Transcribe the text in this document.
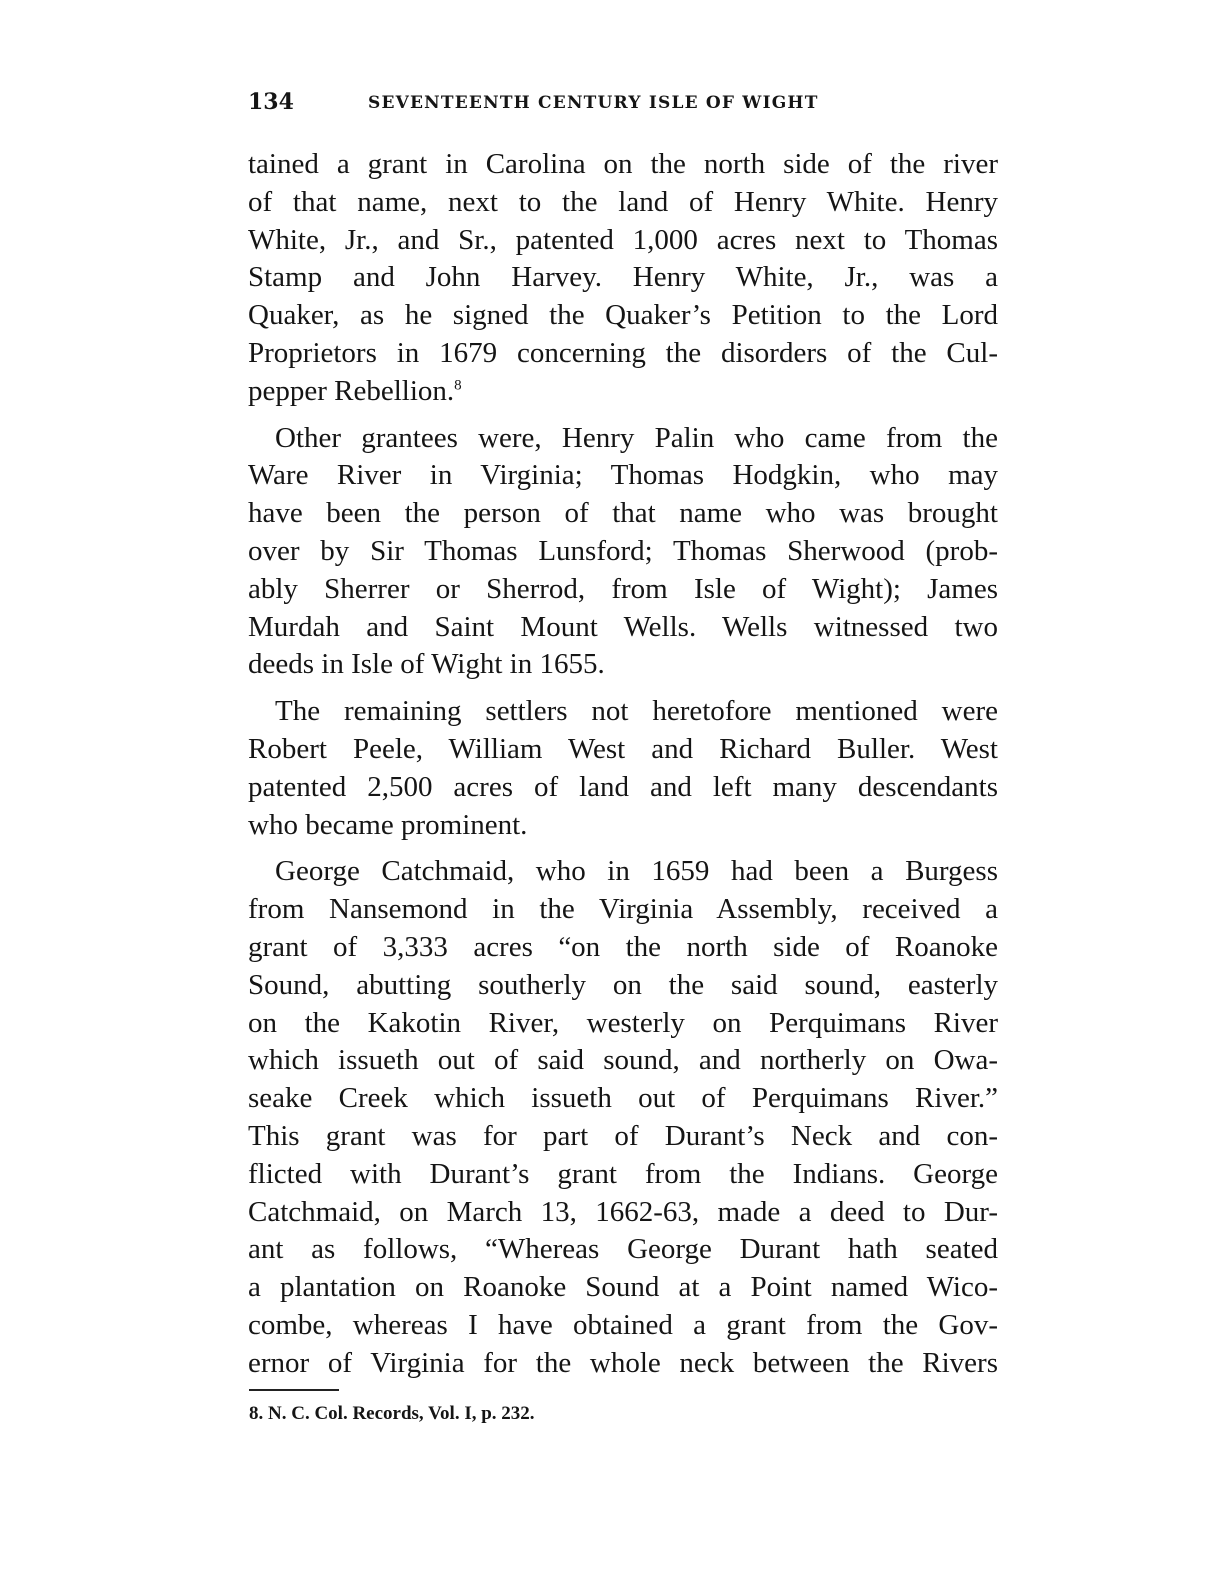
134	SEVENTEENTH CENTURY ISLE OF WIGHT
tained a grant in Carolina on the north side of the river
of that name, next to the land of Henry White. Henry
White, Jr., and Sr., patented 1,000 acres next to Thomas
Stamp and John Harvey. Henry White, Jr., was a
Quaker, as he signed the Quaker’s Petition to the Lord
Proprietors in 1679 concerning the disorders of the Cul-
pepper Rebellion.$^8$
Other grantees were, Henry Palin who came from the
Ware River in Virginia; Thomas Hodgkin, who may
have been the person of that name who was brought
over by Sir Thomas Lunsford; Thomas Sherwood (prob-
ably Sherrer or Sherrod, from Isle of Wight); James
Murdah and Saint Mount Wells. Wells witnessed two
deeds in Isle of Wight in 1655.
The remaining settlers not heretofore mentioned were
Robert Peele, William West and Richard Buller. West
patented 2,500 acres of land and left many descendants
who became prominent.
George Catchmaid, who in 1659 had been a Burgess
from Nansemond in the Virginia Assembly, received a
grant of 3,333 acres “on the north side of Roanoke
Sound, abutting southerly on the said sound, easterly
on the Kakotin River, westerly on Perquimans River
which issueth out of said sound, and northerly on Owa-
seake Creek which issueth out of Perquimans River.”
This grant was for part of Durant’s Neck and con-
flicted with Durant’s grant from the Indians. George
Catchmaid, on March 13, 1662-63, made a deed to Dur-
ant as follows, “Whereas George Durant hath seated
a plantation on Roanoke Sound at a Point named Wico-
combe, whereas I have obtained a grant from the Gov-
ernor of Virginia for the whole neck between the Rivers
8. N. C. Col. Records, Vol. I, p. 232.
